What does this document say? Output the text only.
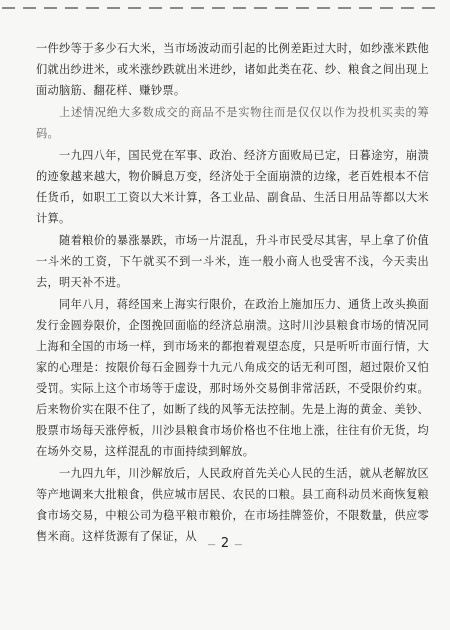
一件纱等于多少石大米，当市场波动而引起的比例差距过大时，如纱涨米跌他们就出纱进米，或米涨纱跌就出米进纱，诸如此类在花、纱、粮食之间出现上面动脑筋、翻花样、赚钞票。

上述情况绝大多数成交的商品不是实物往而是仅仅以作为投机买卖的筹码。

一九四八年，国民党在军事、政治、经济方面败局已定，日暮途穷，崩溃的迹象越来越大，物价瞬息万变，经济处于全面崩溃的边缘，老百姓根本不信任货币，如职工工资以大米计算，各工业品、副食品、生活日用品等都以大米计算。

随着粮价的暴涨暴跌，市场一片混乱，升斗市民受尽其害，早上拿了价值一斗米的工资，下午就买不到一斗米，连一般小商人也受害不浅，今天卖出去，明天补不进。

同年八月，蒋经国来上海实行限价，在政治上施加压力、通货上改头换面发行金圆券限价，企图挽回面临的经济总崩溃。这时川沙县粮食市场的情况同上海和全国的市场一样，到市场来的都抱着观望态度，只是听听市面行情，大家的心理是：按限价每石金圆券十九元八角成交的话无利可图，超过限价又怕受罚。实际上这个市场等于虚设，那时场外交易倒非常活跃，不受限价约束。后来物价实在限不住了，如断了线的风筝无法控制。先是上海的黄金、美钞、股票市场每天涨停板，川沙县粮食市场价格也不住地上涨，往往有价无货，均在场外交易，这样混乱的市面持续到解放。

一九四九年，川沙解放后，人民政府首先关心人民的生活，就从老解放区等产地调来大批粮食，供应城市居民、农民的口粮。县工商科动员米商恢复粮食市场交易，中粮公司为稳平粮市粮价，在市场挂牌签价，不限数量，供应零售米商。这样货源有了保证，从

— 2 —
